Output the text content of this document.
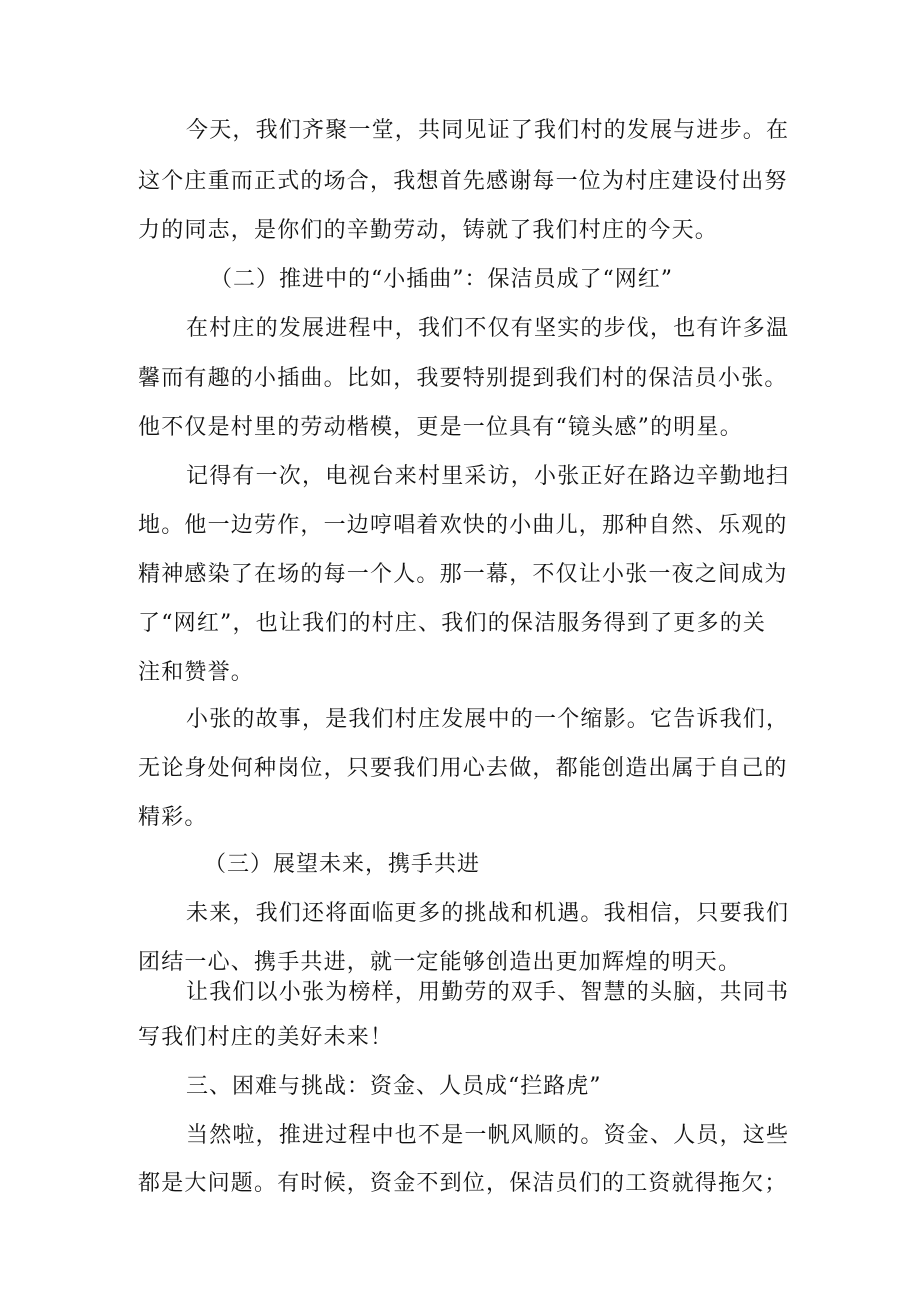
今天，我们齐聚一堂，共同见证了我们村的发展与进步。在
这个庄重而正式的场合，我想首先感谢每一位为村庄建设付出努
力的同志，是你们的辛勤劳动，铸就了我们村庄的今天。
（二）推进中的“小插曲”：保洁员成了“网红”
在村庄的发展进程中，我们不仅有坚实的步伐，也有许多温
馨而有趣的小插曲。比如，我要特别提到我们村的保洁员小张。
他不仅是村里的劳动楷模，更是一位具有“镜头感”的明星。
记得有一次，电视台来村里采访，小张正好在路边辛勤地扫
地。他一边劳作，一边哼唱着欢快的小曲儿，那种自然、乐观的
精神感染了在场的每一个人。那一幕，不仅让小张一夜之间成为
了“网红”，也让我们的村庄、我们的保洁服务得到了更多的关
注和赞誉。
小张的故事，是我们村庄发展中的一个缩影。它告诉我们，
无论身处何种岗位，只要我们用心去做，都能创造出属于自己的
精彩。
（三）展望未来，携手共进
未来，我们还将面临更多的挑战和机遇。我相信，只要我们
团结一心、携手共进，就一定能够创造出更加辉煌的明天。
让我们以小张为榜样，用勤劳的双手、智慧的头脑，共同书
写我们村庄的美好未来！
三、困难与挑战：资金、人员成“拦路虎”
当然啦，推进过程中也不是一帆风顺的。资金、人员，这些
都是大问题。有时候，资金不到位，保洁员们的工资就得拖欠；
